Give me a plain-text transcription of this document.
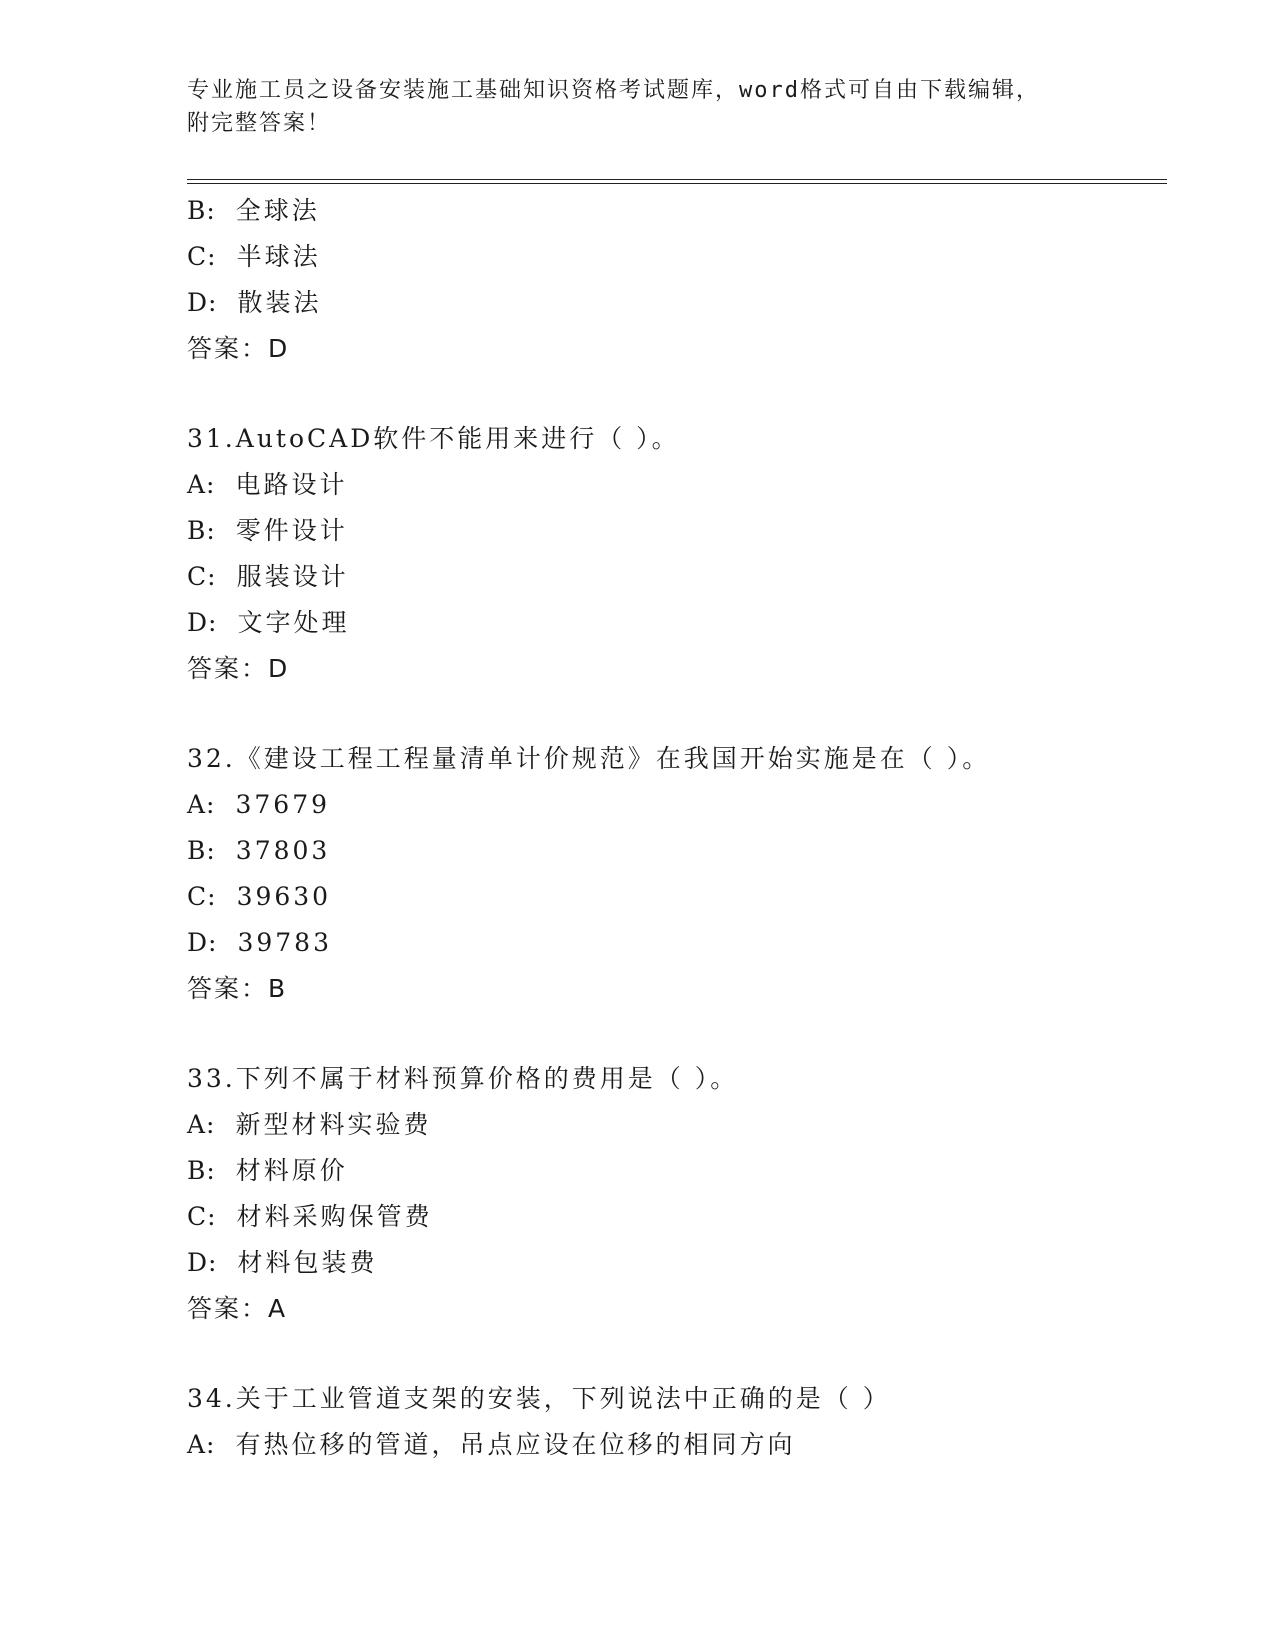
专业施工员之设备安装施工基础知识资格考试题库，word格式可自由下载编辑，
附完整答案！
B: 全球法
C: 半球法
D: 散装法
答案：D
31.AutoCAD软件不能用来进行（ ）。
A: 电路设计
B: 零件设计
C: 服装设计
D: 文字处理
答案：D
32.《建设工程工程量清单计价规范》在我国开始实施是在（ ）。
A: 37679
B: 37803
C: 39630
D: 39783
答案：B
33.下列不属于材料预算价格的费用是（ ）。
A: 新型材料实验费
B: 材料原价
C: 材料采购保管费
D: 材料包装费
答案：A
34.关于工业管道支架的安装，下列说法中正确的是（ ）
A: 有热位移的管道，吊点应设在位移的相同方向
